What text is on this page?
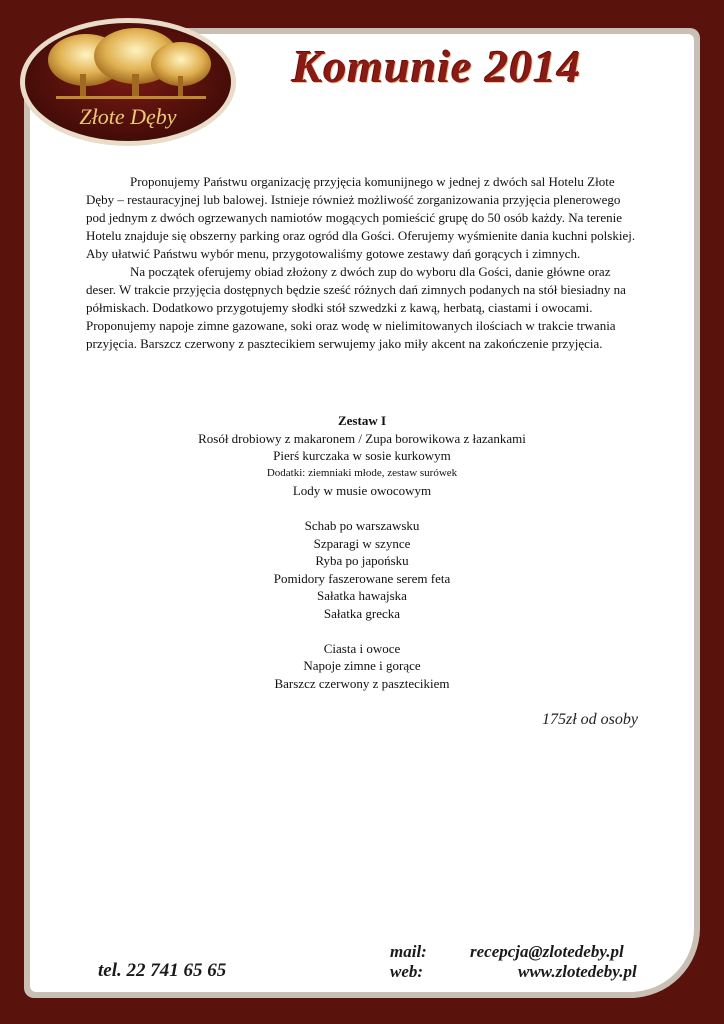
Złote Dęby
Komunie 2014

Proponujemy Państwu organizację przyjęcia komunijnego w jednej z dwóch sal Hotelu Złote Dęby – restauracyjnej lub balowej. Istnieje również możliwość zorganizowania przyjęcia plenerowego pod jednym z dwóch ogrzewanych namiotów mogących pomieścić grupę do 50 osób każdy. Na terenie Hotelu znajduje się obszerny parking oraz ogród dla Gości. Oferujemy wyśmienite dania kuchni polskiej. Aby ułatwić Państwu wybór menu, przygotowaliśmy gotowe zestawy dań gorących i zimnych.

Na początek oferujemy obiad złożony z dwóch zup do wyboru dla Gości, danie główne oraz deser. W trakcie przyjęcia dostępnych będzie sześć różnych dań zimnych podanych na stół biesiadny na półmiskach. Dodatkowo przygotujemy słodki stół szwedzki z kawą, herbatą, ciastami i owocami. Proponujemy napoje zimne gazowane, soki oraz wodę w nielimitowanych ilościach w trakcie trwania przyjęcia. Barszcz czerwony z pasztecikiem serwujemy jako miły akcent na zakończenie przyjęcia.

Zestaw I
Rosół drobiowy z makaronem / Zupa borowikowa z łazankami
Pierś kurczaka w sosie kurkowym
Dodatki: ziemniaki młode, zestaw surówek
Lody w musie owocowym
Schab po warszawsku
Szparagi w szynce
Ryba po japońsku
Pomidory faszerowane serem feta
Sałatka hawajska
Sałatka grecka
Ciasta i owoce
Napoje zimne i gorące
Barszcz czerwony z pasztecikiem
175zł od osoby
tel. 22 741 65 65
mail:	recepcja@zlotedeby.pl
web:	www.zlotedeby.pl
